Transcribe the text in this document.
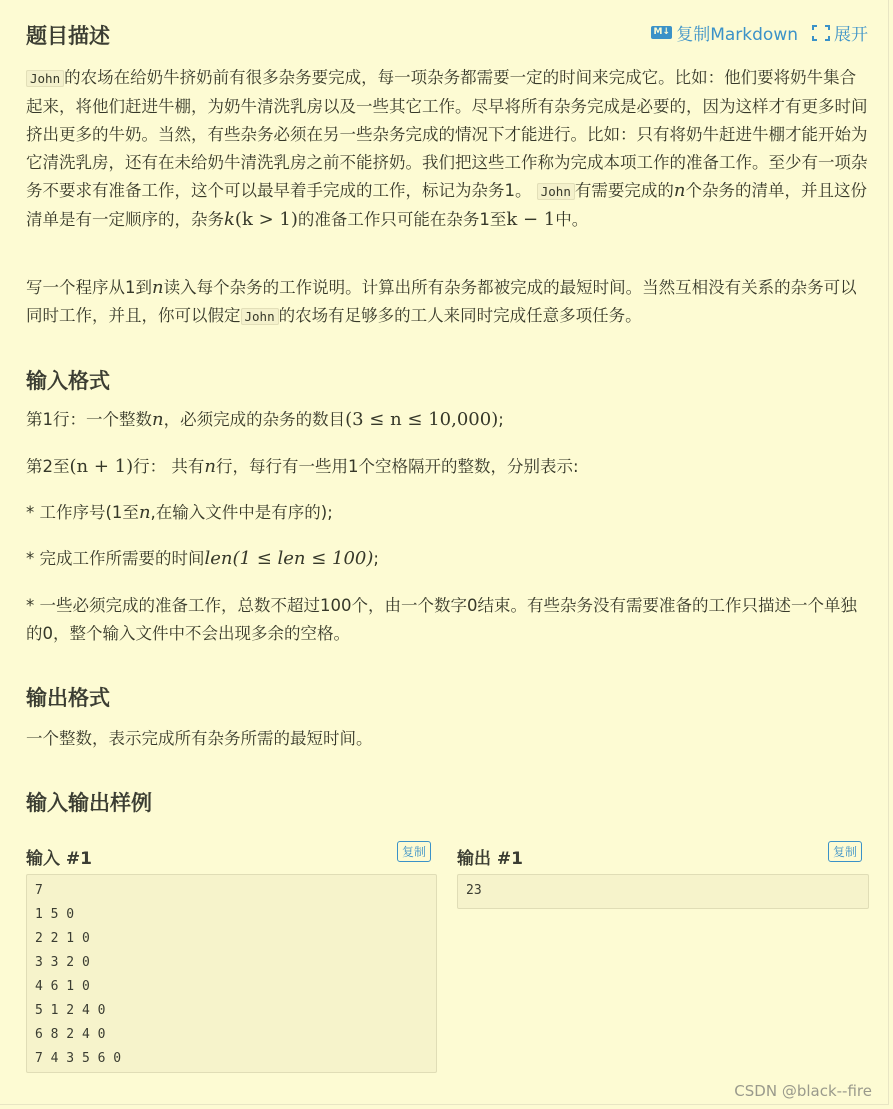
题目描述	M↓ 复制Markdown 展开

John 的农场在给奶牛挤奶前有很多杂务要完成，每一项杂务都需要一定的时间来完成它。比如：他们要将奶牛集合起来，将他们赶进牛棚，为奶牛清洗乳房以及一些其它工作。尽早将所有杂务完成是必要的，因为这样才有更多时间挤出更多的牛奶。当然，有些杂务必须在另一些杂务完成的情况下才能进行。比如：只有将奶牛赶进牛棚才能开始为它清洗乳房，还有在未给奶牛清洗乳房之前不能挤奶。我们把这些工作称为完成本项工作的准备工作。至少有一项杂务不要求有准备工作，这个可以最早着手完成的工作，标记为杂务1。 John 有需要完成的n个杂务的清单，并且这份清单是有一定顺序的，杂务k(k > 1)的准备工作只可能在杂务1至k − 1中。

写一个程序从1到n读入每个杂务的工作说明。计算出所有杂务都被完成的最短时间。当然互相没有关系的杂务可以同时工作，并且，你可以假定 John 的农场有足够多的工人来同时完成任意多项任务。

输入格式

第1行：一个整数n，必须完成的杂务的数目(3 ≤ n ≤ 10,000);

第2至(n + 1)行： 共有n行，每行有一些用1个空格隔开的整数，分别表示:

* 工作序号(1至n,在输入文件中是有序的);

* 完成工作所需要的时间len(1 ≤ len ≤ 100);

* 一些必须完成的准备工作，总数不超过100个，由一个数字0结束。有些杂务没有需要准备的工作只描述一个单独的0，整个输入文件中不会出现多余的空格。

输出格式

一个整数，表示完成所有杂务所需的最短时间。

输入输出样例
输入 #1	复制
7
1 5 0
2 2 1 0
3 3 2 0
4 6 1 0
5 1 2 4 0
6 8 2 4 0
7 4 3 5 6 0
输出 #1	复制
23
CSDN @black--fire
